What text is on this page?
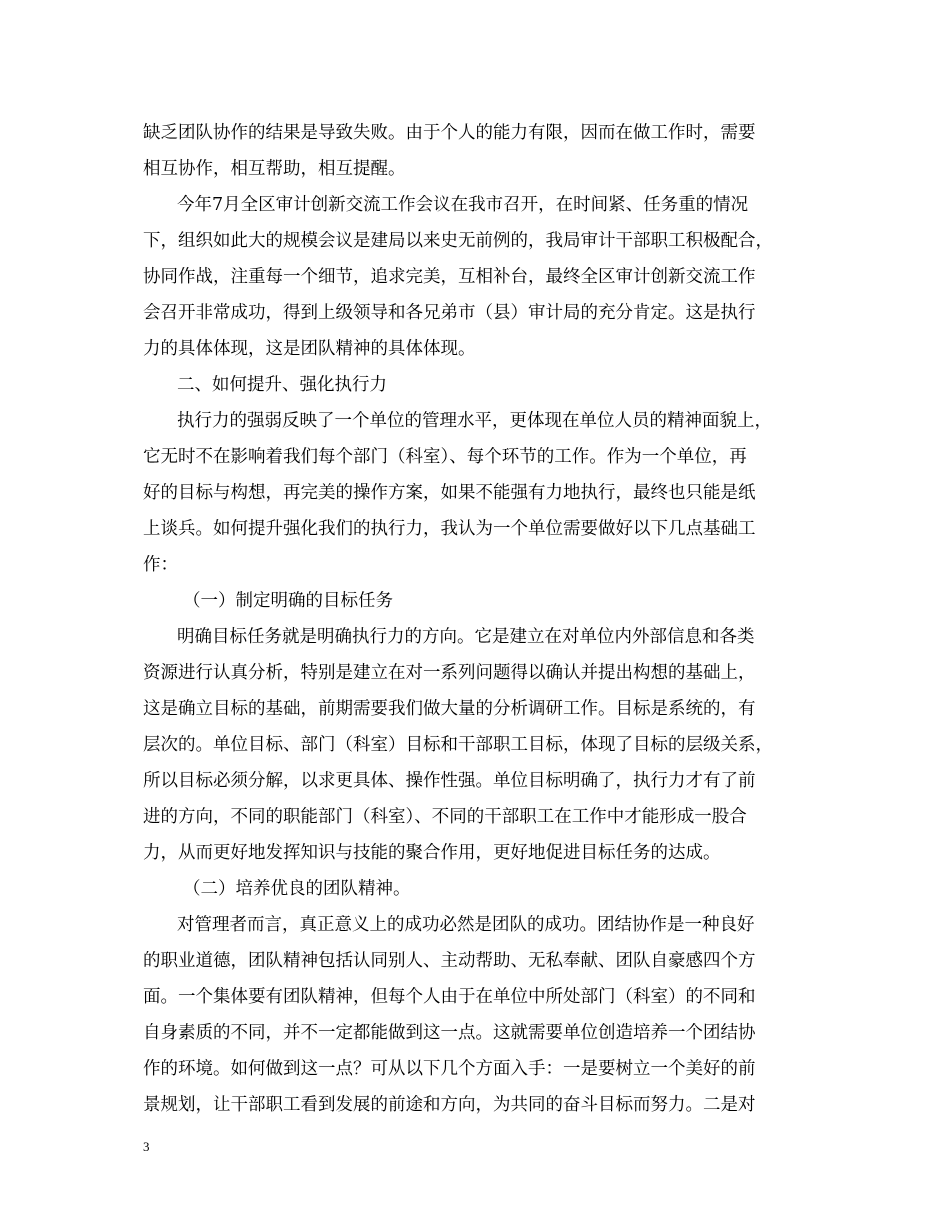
缺乏团队协作的结果是导致失败。由于个人的能力有限，因而在做工作时，需要
相互协作，相互帮助，相互提醒。
今年7月全区审计创新交流工作会议在我市召开，在时间紧、任务重的情况
下，组织如此大的规模会议是建局以来史无前例的，我局审计干部职工积极配合，
协同作战，注重每一个细节，追求完美，互相补台，最终全区审计创新交流工作
会召开非常成功，得到上级领导和各兄弟市（县）审计局的充分肯定。这是执行
力的具体体现，这是团队精神的具体体现。
二、如何提升、强化执行力
执行力的强弱反映了一个单位的管理水平，更体现在单位人员的精神面貌上，
它无时不在影响着我们每个部门（科室）、每个环节的工作。作为一个单位，再
好的目标与构想，再完美的操作方案，如果不能强有力地执行，最终也只能是纸
上谈兵。如何提升强化我们的执行力，我认为一个单位需要做好以下几点基础工
作：
（一）制定明确的目标任务
明确目标任务就是明确执行力的方向。它是建立在对单位内外部信息和各类
资源进行认真分析，特别是建立在对一系列问题得以确认并提出构想的基础上，
这是确立目标的基础，前期需要我们做大量的分析调研工作。目标是系统的，有
层次的。单位目标、部门（科室）目标和干部职工目标，体现了目标的层级关系，
所以目标必须分解，以求更具体、操作性强。单位目标明确了，执行力才有了前
进的方向，不同的职能部门（科室）、不同的干部职工在工作中才能形成一股合
力，从而更好地发挥知识与技能的聚合作用，更好地促进目标任务的达成。
（二）培养优良的团队精神。
对管理者而言，真正意义上的成功必然是团队的成功。团结协作是一种良好
的职业道德，团队精神包括认同别人、主动帮助、无私奉献、团队自豪感四个方
面。一个集体要有团队精神，但每个人由于在单位中所处部门（科室）的不同和
自身素质的不同，并不一定都能做到这一点。这就需要单位创造培养一个团结协
作的环境。如何做到这一点？可从以下几个方面入手：一是要树立一个美好的前
景规划，让干部职工看到发展的前途和方向，为共同的奋斗目标而努力。二是对
3
